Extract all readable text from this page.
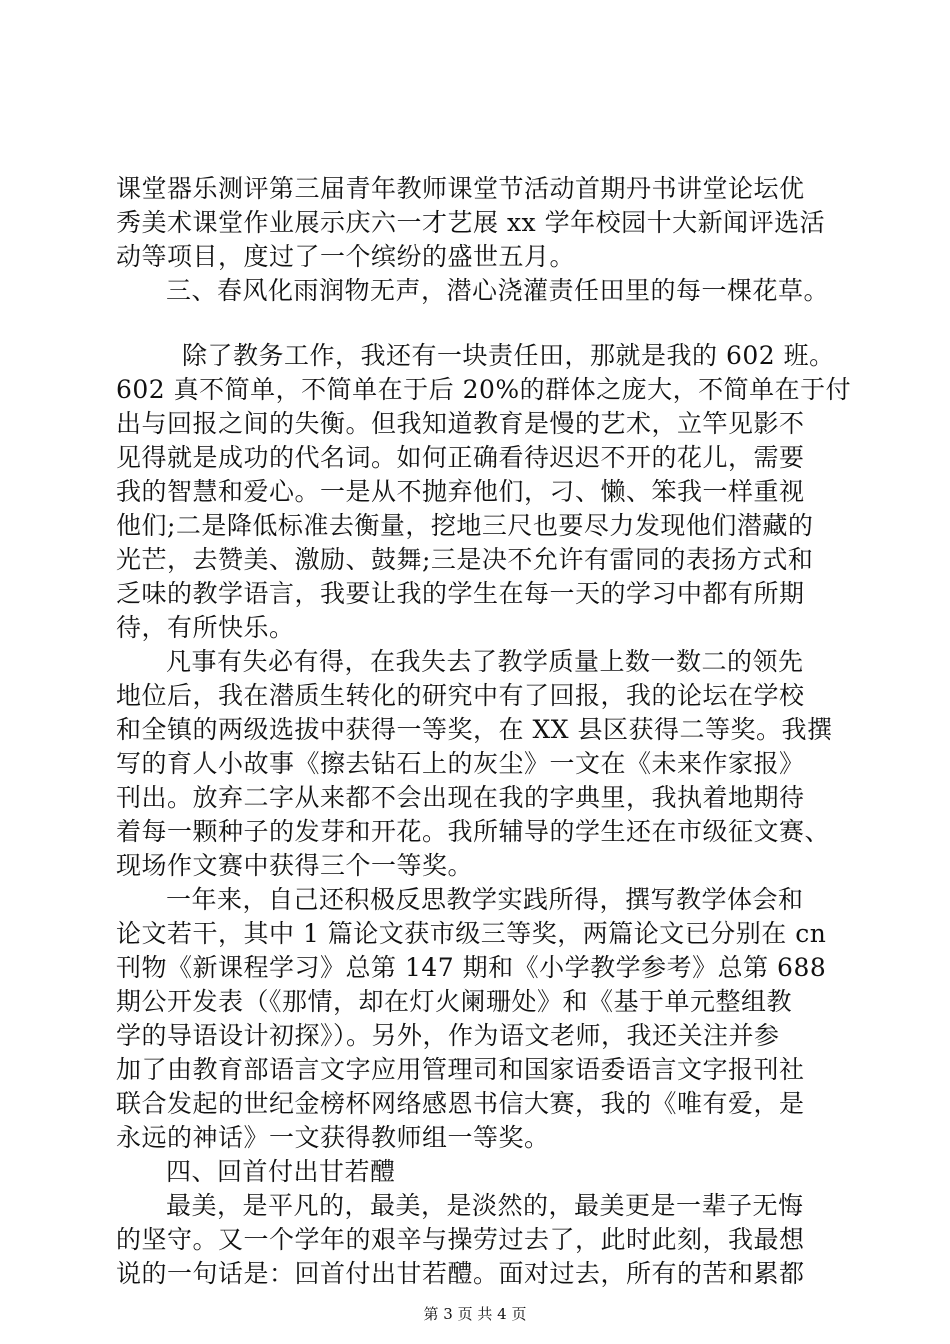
课堂器乐测评第三届青年教师课堂节活动首期丹书讲堂论坛优
秀美术课堂作业展示庆六一才艺展 xx 学年校园十大新闻评选活
动等项目，度过了一个缤纷的盛世五月。
三、春风化雨润物无声，潜心浇灌责任田里的每一棵花草。
除了教务工作，我还有一块责任田，那就是我的 602 班。
602 真不简单，不简单在于后 20%的群体之庞大，不简单在于付
出与回报之间的失衡。但我知道教育是慢的艺术，立竿见影不
见得就是成功的代名词。如何正确看待迟迟不开的花儿，需要
我的智慧和爱心。一是从不抛弃他们，刁、懒、笨我一样重视
他们;二是降低标准去衡量，挖地三尺也要尽力发现他们潜藏的
光芒，去赞美、激励、鼓舞;三是决不允许有雷同的表扬方式和
乏味的教学语言，我要让我的学生在每一天的学习中都有所期
待，有所快乐。
凡事有失必有得，在我失去了教学质量上数一数二的领先
地位后，我在潜质生转化的研究中有了回报，我的论坛在学校
和全镇的两级选拔中获得一等奖，在 XX 县区获得二等奖。我撰
写的育人小故事《擦去钻石上的灰尘》一文在《未来作家报》
刊出。放弃二字从来都不会出现在我的字典里，我执着地期待
着每一颗种子的发芽和开花。我所辅导的学生还在市级征文赛、
现场作文赛中获得三个一等奖。
一年来，自己还积极反思教学实践所得，撰写教学体会和
论文若干，其中 1 篇论文获市级三等奖，两篇论文已分别在 cn
刊物《新课程学习》总第 147 期和《小学教学参考》总第 688
期公开发表（《那情，却在灯火阑珊处》和《基于单元整组教
学的导语设计初探》）。另外，作为语文老师，我还关注并参
加了由教育部语言文字应用管理司和国家语委语言文字报刊社
联合发起的世纪金榜杯网络感恩书信大赛，我的《唯有爱，是
永远的神话》一文获得教师组一等奖。
四、回首付出甘若醴
最美，是平凡的，最美，是淡然的，最美更是一辈子无悔
的坚守。又一个学年的艰辛与操劳过去了，此时此刻，我最想
说的一句话是：回首付出甘若醴。面对过去，所有的苦和累都
第 3 页 共 4 页
